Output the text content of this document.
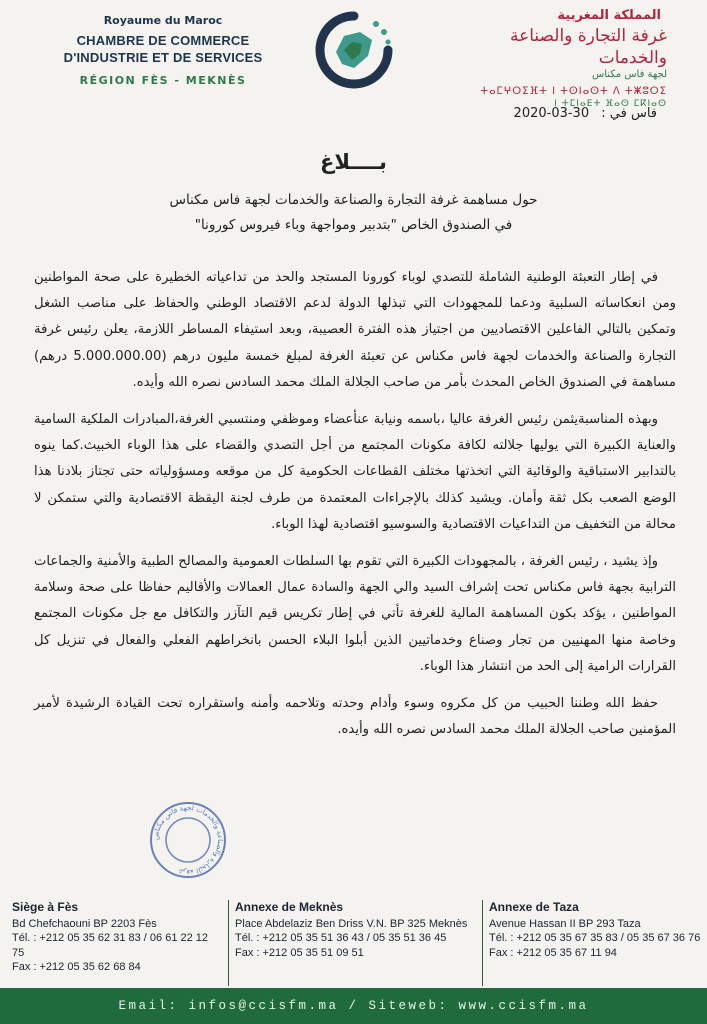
Royaume du Maroc
CHAMBRE DE COMMERCE
D'INDUSTRIE ET DE SERVICES
RÉGION FÈS - MEKNÈS
المملكة المغربية
غرفة التجارة والصناعة والخدمات
لجهة فاس مكناس
ⵜⴰⵎⵖⵔⵉⴼⵜ ⵏ ⵜⵙⵏⴰⵙⵜ ⴷ ⵜⵥⵓⵔⵉ
ⵏ ⵜⵎⵏⴰⴹⵜ ⴼⴰⵙ ⵎⴽⵏⴰⵙ
فاس في : 2020-03-30
بــــلاغ
حول مساهمة غرفة التجارة والصناعة والخدمات لجهة فاس مكناس
في الصندوق الخاص "بتدبير ومواجهة وباء فيروس كورونا"

في إطار التعبئة الوطنية الشاملة للتصدي لوباء كورونا المستجد والحد من تداعياته الخطيرة على صحة المواطنين ومن انعكاساته السلبية ودعما للمجهودات التي تبذلها الدولة لدعم الاقتصاد الوطني والحفاظ على مناصب الشغل وتمكين بالتالي الفاعلين الاقتصاديين من اجتياز هذه الفترة العصيبة، وبعد استيفاء المساطر اللازمة، يعلن رئيس غرفة التجارة والصناعة والخدمات لجهة فاس مكناس عن تعبئة الغرفة لمبلغ خمسة مليون درهم (5.000.000.00 درهم) مساهمة في الصندوق الخاص المحدث بأمر من صاحب الجلالة الملك محمد السادس نصره الله وأيده.

وبهذه المناسبةيثمن رئيس الغرفة عاليا ،باسمه ونيابة عنأعضاء وموظفي ومنتسبي الغرفة،المبادرات الملكية السامية والعناية الكبيرة التي يوليها جلالته لكافة مكونات المجتمع من أجل التصدي والقضاء على هذا الوباء الخبيث.كما ينوه بالتدابير الاستباقية والوقائية التي اتخذتها مختلف القطاعات الحكومية كل من موقعه ومسؤولياته حتى تجتاز بلادنا هذا الوضع الصعب بكل ثقة وأمان. ويشيد كذلك بالإجراءات المعتمدة من طرف لجنة اليقظة الاقتصادية والتي ستمكن لا محالة من التخفيف من التداعيات الاقتصادية والسوسيو اقتصادية لهذا الوباء.

وإذ يشيد ، رئيس الغرفة ، بالمجهودات الكبيرة التي تقوم بها السلطات العمومية والمصالح الطبية والأمنية والجماعات الترابية بجهة فاس مكناس تحت إشراف السيد والي الجهة والسادة عمال العمالات والأقاليم حفاظا على صحة وسلامة المواطنين ، يؤكد بكون المساهمة المالية للغرفة تأتي في إطار تكريس قيم التآزر والتكافل مع جل مكونات المجتمع وخاصة منها المهنيين من تجار وصناع وخدماتيين الذين أبلوا البلاء الحسن بانخراطهم الفعلي والفعال في تنزيل كل القرارات الرامية إلى الحد من انتشار هذا الوباء.

حفظ الله وطننا الحبيب من كل مكروه وسوء وأدام وحدته وتلاحمه وأمنه واستقراره تحت القيادة الرشيدة لأمير المؤمنين صاحب الجلالة الملك محمد السادس نصره الله وأيده.

غرفة التجارة والصناعة والخدمات لجهة فاس مكناس
Siège à Fès
Bd Chefchaouni BP 2203 Fès
Tél. : +212 05 35 62 31 83 / 06 61 22 12 75
Fax : +212 05 35 62 68 84
Annexe de Meknès
Place Abdelaziz Ben Driss V.N. BP 325 Meknès
Tél. : +212 05 35 51 36 43 / 05 35 51 36 45
Fax : +212 05 35 51 09 51
Annexe de Taza
Avenue Hassan II BP 293 Taza
Tél. : +212 05 35 67 35 83 / 05 35 67 36 76
Fax : +212 05 35 67 11 94
Email: infos@ccisfm.ma / Siteweb: www.ccisfm.ma
